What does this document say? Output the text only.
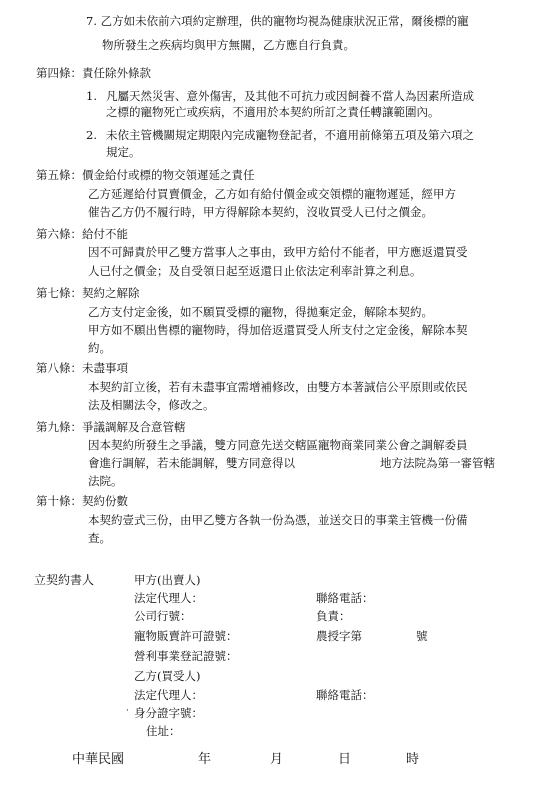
7. 乙方如未依前六項約定辦理，供的寵物均視為健康狀況正常，爾後標的寵
物所發生之疾病均與甲方無關，乙方應自行負責。
第四條：責任除外條款
1. 凡屬天然災害、意外傷害，及其他不可抗力或因飼養不當人為因素所造成
之標的寵物死亡或疾病，不適用於本契約所訂之責任轉讓範圍內。
2. 未依主管機關規定期限內完成寵物登記者，不適用前條第五項及第六項之
規定。
第五條：價金給付或標的物交領遲延之責任
乙方延遲給付買賣價金，乙方如有給付價金或交領標的寵物遲延，經甲方
催告乙方仍不履行時，甲方得解除本契約，沒收買受人已付之價金。
第六條：給付不能
因不可歸責於甲乙雙方當事人之事由，致甲方給付不能者，甲方應返還買受
人已付之價金；及自受領日起至返還日止依法定利率計算之利息。
第七條：契約之解除
乙方支付定金後，如不願買受標的寵物，得拋棄定金，解除本契約。
甲方如不願出售標的寵物時，得加倍返還買受人所支付之定金後，解除本契
約。
第八條：未盡事項
本契約訂立後，若有未盡事宜需增補修改，由雙方本著誠信公平原則或依民
法及相關法令，修改之。
第九條：爭議調解及合意管轄
因本契約所發生之爭議，雙方同意先送交轄區寵物商業同業公會之調解委員
會進行調解，若未能調解，雙方同意得以	地方法院為第一審管轄
法院。
第十條：契約份數
本契約壹式三份，由甲乙雙方各執一份為憑，並送交日的事業主管機一份備
查。
立契約書人	甲方(出賣人)
法定代理人：	聯絡電話：
公司行號：	負責：
寵物販賣許可證號：	農授字第	號
營利事業登記證號：
乙方(買受人)
法定代理人：	聯絡電話：
身分證字號：
·
住址：
中華民國	年	月	日	時
